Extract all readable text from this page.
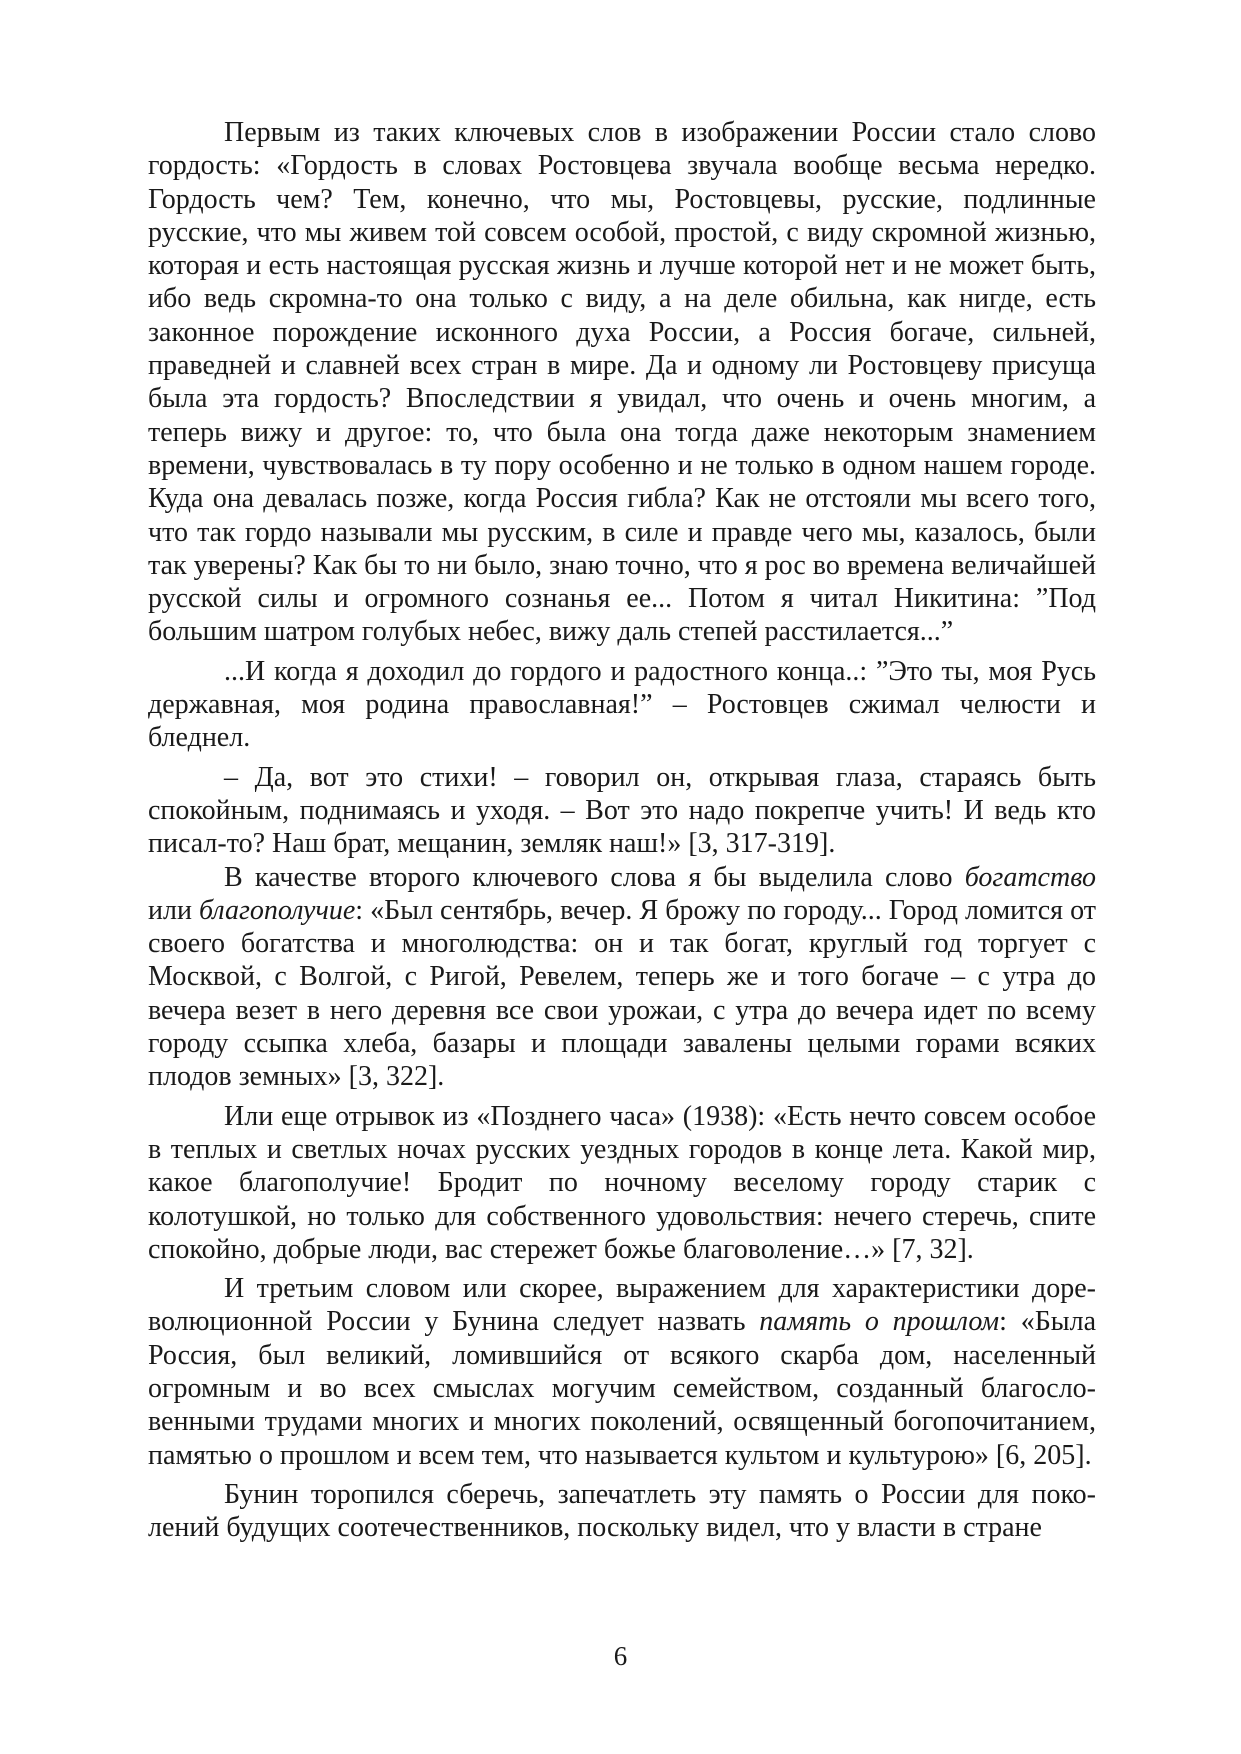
Первым из таких ключевых слов в изображении России стало слово гордость: «Гордость в словах Ростовцева звучала вообще весьма нередко. Гордость чем? Тем, конечно, что мы, Ростовцевы, русские, подлинные русские, что мы живем той совсем особой, простой, с виду скромной жизнью, которая и есть настоящая русская жизнь и лучше которой нет и не может быть, ибо ведь скромна-то она только с виду, а на деле обильна, как нигде, есть законное порождение исконного духа России, а Россия богаче, сильней, праведней и славней всех стран в мире. Да и одному ли Ростовцеву присуща была эта гордость? Впоследствии я увидал, что очень и очень многим, а теперь вижу и другое: то, что была она тогда даже некоторым знамением времени, чувствовалась в ту пору особенно и не только в одном нашем городе. Куда она девалась позже, когда Россия гибла? Как не отстояли мы всего того, что так гордо называли мы русским, в силе и правде чего мы, казалось, были так уверены? Как бы то ни было, знаю точно, что я рос во времена величайшей русской силы и огромного сознанья ее... Потом я читал Никитина: ”Под большим шатром голубых небес, вижу даль степей расстилается...”

...И когда я доходил до гордого и радостного конца..: ”Это ты, моя Русь державная, моя родина православная!” – Ростовцев сжимал челюсти и бледнел.

– Да, вот это стихи! – говорил он, открывая глаза, стараясь быть спокойным, поднимаясь и уходя. – Вот это надо покрепче учить! И ведь кто писал-то? Наш брат, мещанин, земляк наш!» [3, 317-319].

В качестве второго ключевого слова я бы выделила слово богатство или благополучие: «Был сентябрь, вечер. Я брожу по городу... Город ломится от своего богатства и многолюдства: он и так богат, круглый год торгует с Москвой, с Волгой, с Ригой, Ревелем, теперь же и того богаче – с утра до вечера везет в него деревня все свои урожаи, с утра до вечера идет по всему городу ссыпка хлеба, базары и площади завалены целыми горами всяких плодов земных» [3, 322].

Или еще отрывок из «Позднего часа» (1938): «Есть нечто совсем особое в теплых и светлых ночах русских уездных городов в конце лета. Какой мир, какое благополучие! Бродит по ночному веселому городу старик с колотушкой, но только для собственного удовольствия: нечего стеречь, спите спокойно, добрые люди, вас стережет божье благоволение…» [7, 32].

И третьим словом или скорее, выражением для характеристики дореволюционной России у Бунина следует назвать память о прошлом: «Была Россия, был великий, ломившийся от всякого скарба дом, населенный огромным и во всех смыслах могучим семейством, созданный благословенными трудами многих и многих поколений, освященный богопочитанием, памятью о прошлом и всем тем, что называется культом и культурою» [6, 205].

Бунин торопился сберечь, запечатлеть эту память о России для поколений будущих соотечественников, поскольку видел, что у власти в стране

6
